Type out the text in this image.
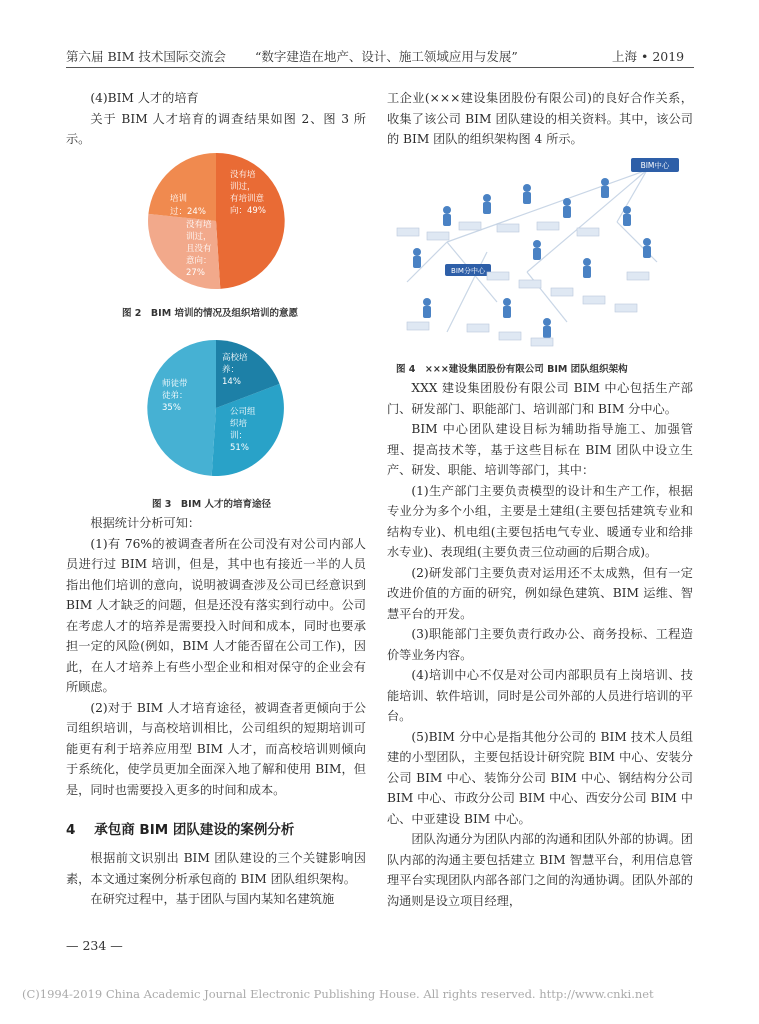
第六届 BIM 技术国际交流会 “数字建造在地产、设计、施工领域应用与发展”	上海 • 2019

(4)BIM 人才的培育

关于 BIM 人才培育的调查结果如图 2、图 3 所示。

培训 过：24%
没有培 训过， 有培训意 向：49%
没有培 训过， 且没有 意向： 27%
图 2　BIM 培训的情况及组织培训的意愿
高校培 养： 14%
师徒带 徒弟： 35%	公司组 织培 训： 51%
图 3　BIM 人才的培育途径

根据统计分析可知：

(1)有 76%的被调查者所在公司没有对公司内部人员进行过 BIM 培训，但是，其中也有接近一半的人员指出他们培训的意向，说明被调查涉及公司已经意识到 BIM 人才缺乏的问题，但是还没有落实到行动中。公司在考虑人才的培养是需要投入时间和成本，同时也要承担一定的风险(例如，BIM 人才能否留在公司工作)，因此，在人才培养上有些小型企业和相对保守的企业会有所顾虑。

(2)对于 BIM 人才培育途径，被调查者更倾向于公司组织培训，与高校培训相比，公司组织的短期培训可能更有利于培养应用型 BIM 人才，而高校培训则倾向于系统化，使学员更加全面深入地了解和使用 BIM，但是，同时也需要投入更多的时间和成本。

4 承包商 BIM 团队建设的案例分析

根据前文识别出 BIM 团队建设的三个关键影响因素，本文通过案例分析承包商的 BIM 团队组织架构。

在研究过程中，基于团队与国内某知名建筑施

— 234 —

工企业(×××建设集团股份有限公司)的良好合作关系，收集了该公司 BIM 团队建设的相关资料。其中，该公司的 BIM 团队的组织架构图 4 所示。

BIM中心
BIM分中心
图 4　×××建设集团股份有限公司 BIM 团队组织架构

XXX 建设集团股份有限公司 BIM 中心包括生产部门、研发部门、职能部门、培训部门和 BIM 分中心。

BIM 中心团队建设目标为辅助指导施工、加强管理、提高技术等，基于这些目标在 BIM 团队中设立生产、研发、职能、培训等部门，其中：

(1)生产部门主要负责模型的设计和生产工作，根据专业分为多个小组，主要是土建组(主要包括建筑专业和结构专业)、机电组(主要包括电气专业、暖通专业和给排水专业)、表现组(主要负责三位动画的后期合成)。

(2)研发部门主要负责对运用还不太成熟，但有一定改进价值的方面的研究，例如绿色建筑、BIM 运维、智慧平台的开发。

(3)职能部门主要负责行政办公、商务投标、工程造价等业务内容。

(4)培训中心不仅是对公司内部职员有上岗培训、技能培训、软件培训，同时是公司外部的人员进行培训的平台。

(5)BIM 分中心是指其他分公司的 BIM 技术人员组建的小型团队，主要包括设计研究院 BIM 中心、安装分公司 BIM 中心、装饰分公司 BIM 中心、钢结构分公司 BIM 中心、市政分公司 BIM 中心、西安分公司 BIM 中心、中亚建设 BIM 中心。

团队沟通分为团队内部的沟通和团队外部的协调。团队内部的沟通主要包括建立 BIM 智慧平台，利用信息管理平台实现团队内部各部门之间的沟通协调。团队外部的沟通则是设立项目经理，

(C)1994-2019 China Academic Journal Electronic Publishing House. All rights reserved. http://www.cnki.net
